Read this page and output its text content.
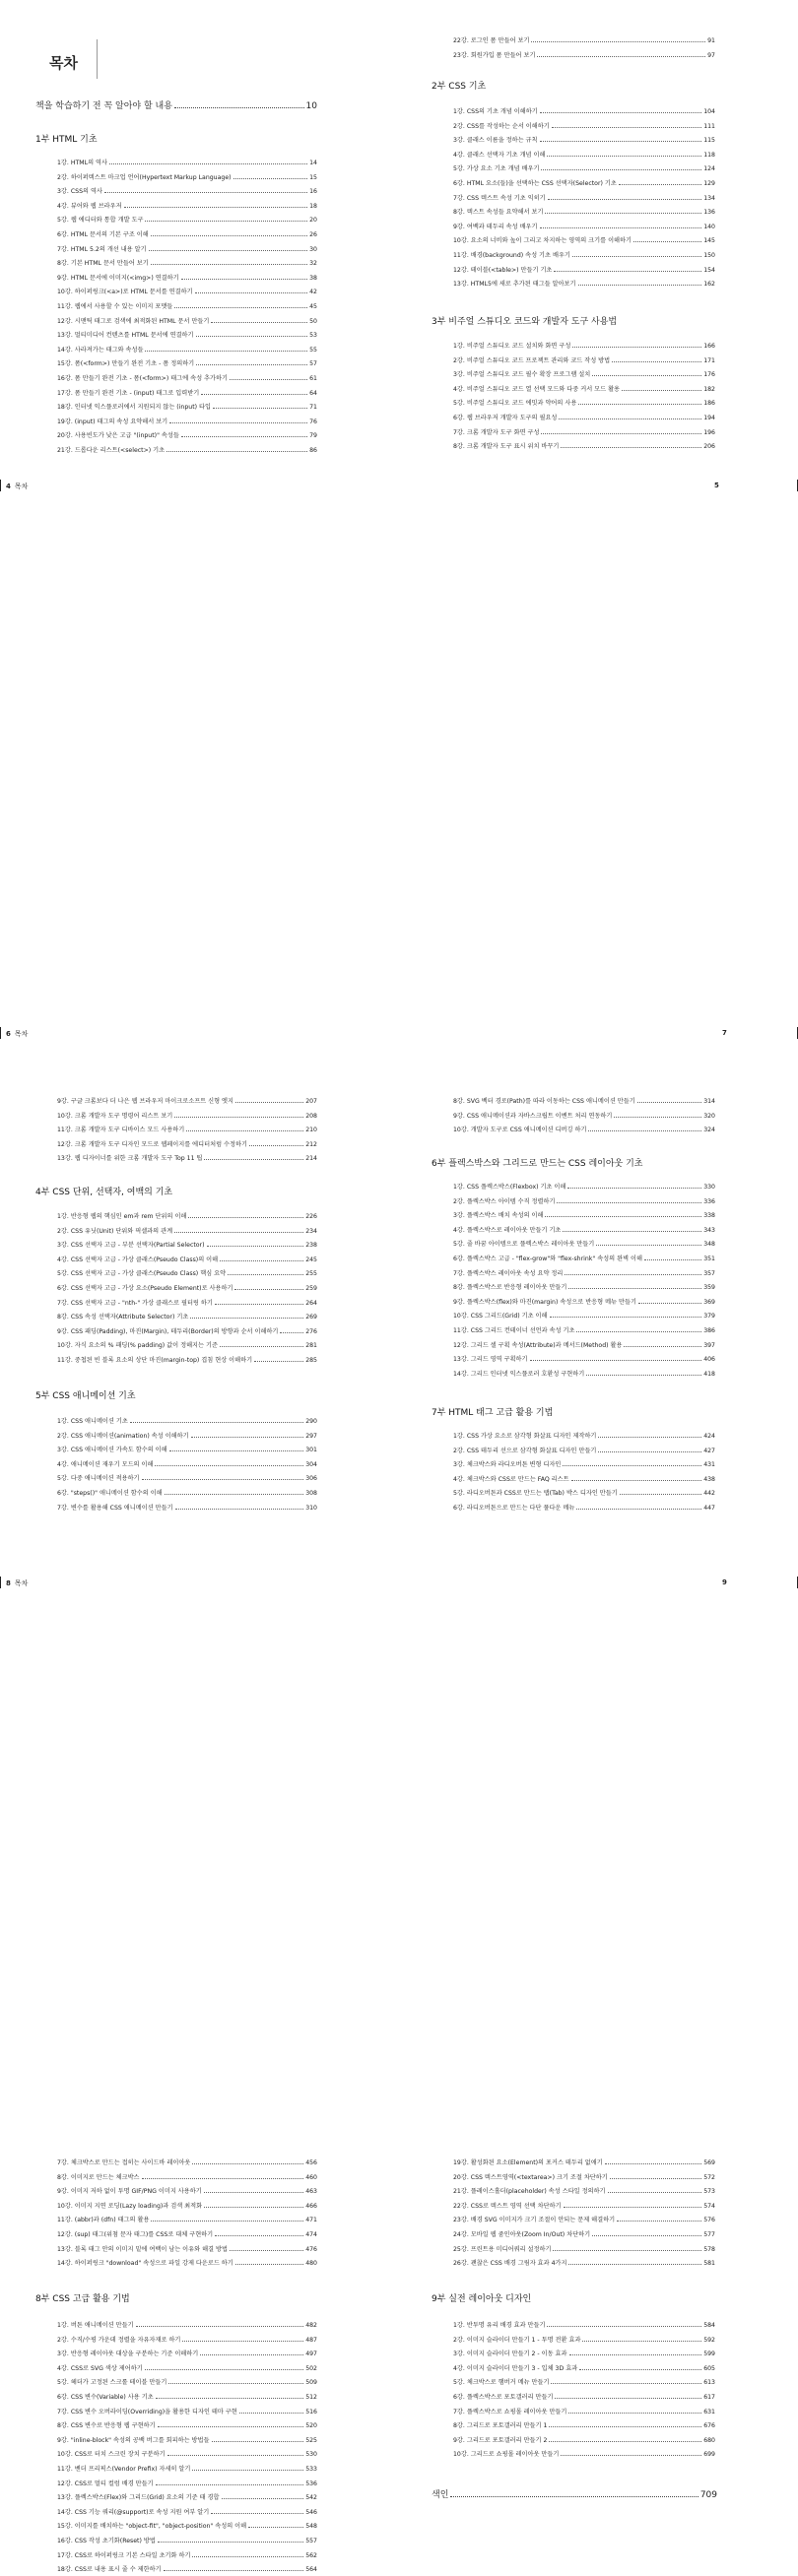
목차
책을 학습하기 전 꼭 알아야 할 내용	10
1부 HTML 기초
1강. HTML의 역사	14
2강. 하이퍼텍스트 마크업 언어(Hypertext Markup Language)	15
3강. CSS의 역사	16
4강. 뷰어와 웹 브라우저	18
5강. 웹 에디터와 통합 개발 도구	20
6강. HTML 문서의 기본 구조 이해	26
7강. HTML 5.2의 개선 내용 알기	30
8강. 기본 HTML 문서 만들어 보기	32
9강. HTML 문서에 이미지(<img>) 연결하기	38
10강. 하이퍼링크(<a>)로 HTML 문서를 연결하기	42
11강. 웹에서 사용할 수 있는 이미지 포맷들	45
12강. 시맨틱 태그로 검색에 최적화된 HTML 문서 만들기	50
13강. 멀티미디어 컨텐츠를 HTML 문서에 연결하기	53
14강. 사라져가는 태그와 속성들	55
15강. 폼(<form>) 만들기 완전 기초 - 폼 정의하기	57
16강. 폼 만들기 완전 기초 - 폼(<form>) 태그에 속성 추가하기	61
17강. 폼 만들기 완전 기초 - (input) 태그로 입력받기	64
18강. 인터넷 익스플로러에서 지원되지 않는 (input) 타입	71
19강. (input) 태그의 속성 요약해서 보기	76
20강. 사용빈도가 낮은 고급 "(input)" 속성들	79
21강. 드롭다운 리스트(<select>) 기초	86
4 목차
22강. 로그인 폼 만들어 보기	91
23강. 회원가입 폼 만들어 보기	97
2부 CSS 기초
1강. CSS의 기초 개념 이해하기	104
2강. CSS를 작성하는 순서 이해하기	111
3강. 클래스 이름을 정하는 규칙	115
4강. 클래스 선택자 기초 개념 이해	118
5강. 가상 요소 기초 개념 배우기	124
6강. HTML 요소(들)을 선택하는 CSS 선택자(Selector) 기초	129
7강. CSS 텍스트 속성 기초 익히기	134
8강. 텍스트 속성들 요약해서 보기	136
9강. 여백과 테두리 속성 배우기	140
10강. 요소의 너비와 높이 그리고 차지하는 영역의 크기를 이해하기	145
11강. 배경(background) 속성 기초 배우기	150
12강. 테이블(<table>) 만들기 기초	154
13강. HTML5에 새로 추가된 태그들 알아보기	162
3부 비주얼 스튜디오 코드와 개발자 도구 사용법
1강. 비주얼 스튜디오 코드 설치와 화면 구성	166
2강. 비주얼 스튜디오 코드 프로젝트 관리와 코드 작성 방법	171
3강. 비주얼 스튜디오 코드 필수 확장 프로그램 설치	176
4강. 비주얼 스튜디오 코드 열 선택 모드와 다중 커서 모드 활용	182
5강. 비주얼 스튜디오 코드 에밋과 약어의 사용	186
6강. 웹 브라우저 개발자 도구의 필요성	194
7강. 크롬 개발자 도구 화면 구성	196
8강. 크롬 개발자 도구 표시 위치 바꾸기	206
5
9강. 구글 크롬보다 더 나은 웹 브라우저 마이크로소프트 신형 엣지	207
10강. 크롬 개발자 도구 명령어 리스트 보기	208
11강. 크롬 개발자 도구 디바이스 모드 사용하기	210
12강. 크롬 개발자 도구 디자인 모드로 웹페이지를 에디터처럼 수정하기	212
13강. 웹 디자이너를 위한 크롬 개발자 도구 Top 11 팁	214
4부 CSS 단위, 선택자, 여백의 기초
1강. 반응형 웹의 핵심인 em과 rem 단위의 이해	226
2강. CSS 유닛(Unit) 단위와 픽셀과의 관계	234
3강. CSS 선택자 고급 - 부분 선택자(Partial Selector)	238
4강. CSS 선택자 고급 - 가상 클래스(Pseudo Class)의 이해	245
5강. CSS 선택자 고급 - 가상 클래스(Pseudo Class) 핵심 요약	255
6강. CSS 선택자 고급 - 가상 요소(Pseudo Element)로 사용하기	259
7강. CSS 선택자 고급 - "nth-" 가상 클래스로 필터링 하기	264
8강. CSS 속성 선택자(Attribute Selector) 기초	269
9강. CSS 패딩(Padding), 마진(Margin), 테두리(Border)의 방향과 순서 이해하기	276
10강. 자식 요소의 % 패딩(% padding) 값이 정해지는 기준	281
11강. 중첩된 빈 블록 요소의 상단 마진(margin-top) 겹침 현상 이해하기	285
5부 CSS 애니메이션 기초
1강. CSS 애니메이션 기초	290
2강. CSS 애니메이션(animation) 속성 이해하기	297
3강. CSS 애니메이션 가속도 함수의 이해	301
4강. 애니메이션 재우기 모드의 이해	304
5강. 다중 애니메이션 적용하기	306
6강. "steps()" 애니메이션 함수의 이해	308
7강. 변수를 활용해 CSS 애니메이션 만들기	310
6 목차
8강. SVG 벡터 경로(Path)를 따라 이동하는 CSS 애니메이션 만들기	314
9강. CSS 애니메이션과 자바스크립트 이벤트 처리 연동하기	320
10강. 개발자 도구로 CSS 애니메이션 디버깅 하기	324
6부 플렉스박스와 그리드로 만드는 CSS 레이아웃 기초
1강. CSS 플렉스박스(Flexbox) 기초 이해	330
2강. 플렉스박스 아이템 수직 정렬하기	336
3강. 플렉스박스 배치 속성의 이해	338
4강. 플렉스박스로 레이아웃 만들기 기초	343
5강. 줄 바꿈 아이템으로 플렉스박스 레이아웃 만들기	348
6강. 플렉스박스 고급 - "flex-grow"와 "flex-shrink" 속성의 완벽 이해	351
7강. 플렉스박스 레이아웃 속성 요약 정리	357
8강. 플렉스박스로 반응형 레이아웃 만들기	359
9강. 플렉스박스(flex)와 마진(margin) 속성으로 반응형 메뉴 만들기	369
10강. CSS 그리드(Grid) 기초 이해	379
11강. CSS 그리드 컨테이너 선언과 속성 기초	386
12강. 그리드 셀 구획 속성(Attribute)과 메서드(Method) 활용	397
13강. 그리드 영역 구획하기	406
14강. 그리드 인터넷 익스플로러 호환성 구현하기	418
7부 HTML 태그 고급 활용 기법
1강. CSS 가상 요소로 삼각형 화살표 디자인 제작하기	424
2강. CSS 테두리 선으로 삼각형 화살표 디자인 만들기	427
3강. 체크박스와 라디오버튼 변형 디자인	431
4강. 체크박스와 CSS로 만드는 FAQ 리스트	438
5강. 라디오버튼과 CSS로 만드는 탭(Tab) 박스 디자인 만들기	442
6강. 라디오버튼으로 만드는 다단 풀다운 메뉴	447
7
7강. 체크박스로 만드는 접히는 사이드바 레이아웃	456
8강. 이미지로 만드는 체크박스	460
9강. 이미지 저하 없이 투명 GIF/PNG 이미지 사용하기	463
10강. 이미지 지연 로딩(Lazy loading)과 검색 최적화	466
11강. (abbr)과 (dfn) 태그의 활용	471
12강. (sup) 태그(위첨 문자 태그)를 CSS로 대체 구현하기	474
13강. 블록 태그 안의 이미지 밑에 여백이 남는 이유와 해결 방법	476
14강. 하이퍼링크 "download" 속성으로 파일 강제 다운로드 하기	480
8부 CSS 고급 활용 기법
1강. 버튼 애니메이션 만들기	482
2강. 수직/수평 가운데 정렬을 자유자재로 하기	487
3강. 반응형 레이아웃 대상을 구분하는 기준 이해하기	497
4강. CSS로 SVG 색상 제어하기	502
5강. 헤더가 고정된 스크롤 테이블 만들기	509
6강. CSS 변수(Variable) 사용 기초	512
7강. CSS 변수 오버라이딩(Overriding)을 활용한 디자인 테마 구현	516
8강. CSS 변수로 반응형 웹 구현하기	520
9강. "inline-block" 속성의 공백 버그를 회피하는 방법들	525
10강. CSS로 터치 스크린 장치 구분하기	530
11강. 벤더 프리픽스(Vendor Prefix) 자세히 알기	533
12강. CSS로 멀티 컬럼 배경 만들기	536
13강. 플렉스박스(Flex)와 그리드(Grid) 요소의 기준 태 경합	542
14강. CSS 기능 쿼리(@support)로 속성 지원 여부 알기	546
15강. 이미지를 배치하는 "object-fit", "object-position" 속성의 이해	548
16강. CSS 작성 초기화(Reset) 방법	557
17강. CSS로 하이퍼링크 기본 스타일 초기화 하기	562
18강. CSS로 내용 표시 줄 수 제한하기	564
8 목차
19강. 활성화된 요소(Element)의 포커스 테두리 없애기	569
20강. CSS 텍스트영역(<textarea>) 크기 조절 차단하기	572
21강. 플레이스홀더(placeholder) 속성 스타일 정의하기	573
22강. CSS로 텍스트 영역 선택 차단하기	574
23강. 배경 SVG 이미지가 크기 조절이 안되는 문제 해결하기	576
24강. 모바일 웹 줌인아웃(Zoom In/Out) 차단하기	577
25강. 프린트용 미디어쿼리 설정하기	578
26강. 괜찮은 CSS 배경 그림자 효과 4가지	581
9부 실전 레이아웃 디자인
1강. 반투명 유리 배경 효과 만들기	584
2강. 이미지 슬라이더 만들기 1 - 투명 전환 효과	592
3강. 이미지 슬라이더 만들기 2 - 이동 효과	599
4강. 이미지 슬라이더 만들기 3 - 입체 3D 효과	605
5강. 체크박스로 햄버거 메뉴 만들기	613
6강. 플렉스박스로 포토갤러리 만들기	617
7강. 플렉스박스로 쇼핑몰 레이아웃 만들기	631
8강. 그리드로 포토갤러리 만들기 1	676
9강. 그리드로 포토갤러리 만들기 2	680
10강. 그리드로 쇼핑몰 레이아웃 만들기	699
색인	709
9
